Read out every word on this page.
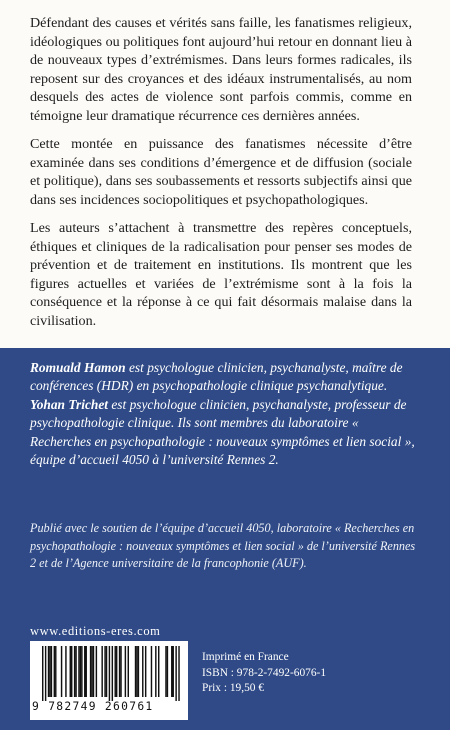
Défendant des causes et vérités sans faille, les fanatismes religieux, idéologiques ou politiques font aujourd’hui retour en donnant lieu à de nouveaux types d’extrémismes. Dans leurs formes radicales, ils reposent sur des croyances et des idéaux instrumentalisés, au nom desquels des actes de violence sont parfois commis, comme en témoigne leur dramatique récurrence ces dernières années.

Cette montée en puissance des fanatismes nécessite d’être examinée dans ses conditions d’émergence et de diffusion (sociale et politique), dans ses soubassements et ressorts subjectifs ainsi que dans ses incidences sociopolitiques et psychopathologiques.

Les auteurs s’attachent à transmettre des repères conceptuels, éthiques et cliniques de la radicalisation pour penser ses modes de prévention et de traitement en institutions. Ils montrent que les figures actuelles et variées de l’extrémisme sont à la fois la conséquence et la réponse à ce qui fait désormais malaise dans la civilisation.

Romuald Hamon est psychologue clinicien, psychanalyste, maître de conférences (HDR) en psychopathologie clinique psychanalytique. Yohan Trichet est psychologue clinicien, psychanalyste, professeur de psychopathologie clinique. Ils sont membres du laboratoire « Recherches en psychopathologie : nouveaux symptômes et lien social », équipe d’accueil 4050 à l’université Rennes 2.
Publié avec le soutien de l’équipe d’accueil 4050, laboratoire « Recherches en psychopathologie : nouveaux symptômes et lien social » de l’université Rennes 2 et de l’Agence universitaire de la francophonie (AUF).
www.editions-eres.com
9 782749 260761
Imprimé en France
ISBN : 978-2-7492-6076-1
Prix : 19,50 €
